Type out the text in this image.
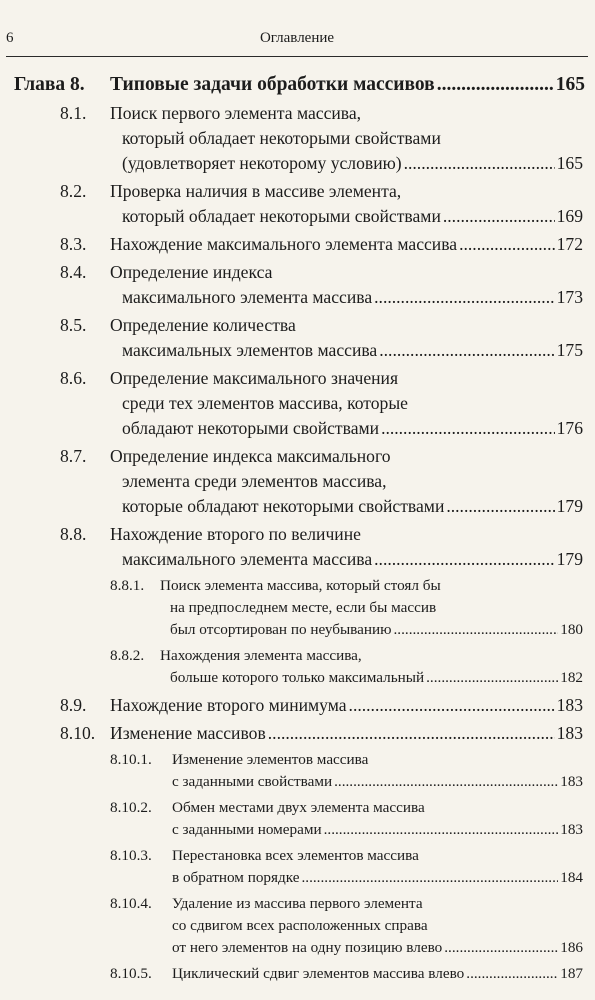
6	Оглавление
Глава 8. Типовые задачи обработки массивов .....	165
8.1. Поиск первого элемента массива,
который обладает некоторыми свойствами
(удовлетворяет некоторому условию) .....	165
8.2. Проверка наличия в массиве элемента,
который обладает некоторыми свойствами .....	169
8.3. Нахождение максимального элемента массива .....	172
8.4. Определение индекса
максимального элемента массива .....	173
8.5. Определение количества
максимальных элементов массива .....	175
8.6. Определение максимального значения
среди тех элементов массива, которые
обладают некоторыми свойствами .....	176
8.7. Определение индекса максимального
элемента среди элементов массива,
которые обладают некоторыми свойствами .....	179
8.8. Нахождение второго по величине
максимального элемента массива .....	179
8.8.1. Поиск элемента массива, который стоял бы
на предпоследнем месте, если бы массив
был отсортирован по неубыванию .....	180
8.8.2. Нахождения элемента массива,
больше которого только максимальный .....	182
8.9. Нахождение второго минимума .....	183
8.10. Изменение массивов .....	183
8.10.1. Изменение элементов массива
с заданными свойствами .....	183
8.10.2. Обмен местами двух элемента массива
с заданными номерами .....	183
8.10.3. Перестановка всех элементов массива
в обратном порядке .....	184
8.10.4. Удаление из массива первого элемента
со сдвигом всех расположенных справа
от него элементов на одну позицию влево .....	186
8.10.5. Циклический сдвиг элементов массива влево .....	187
